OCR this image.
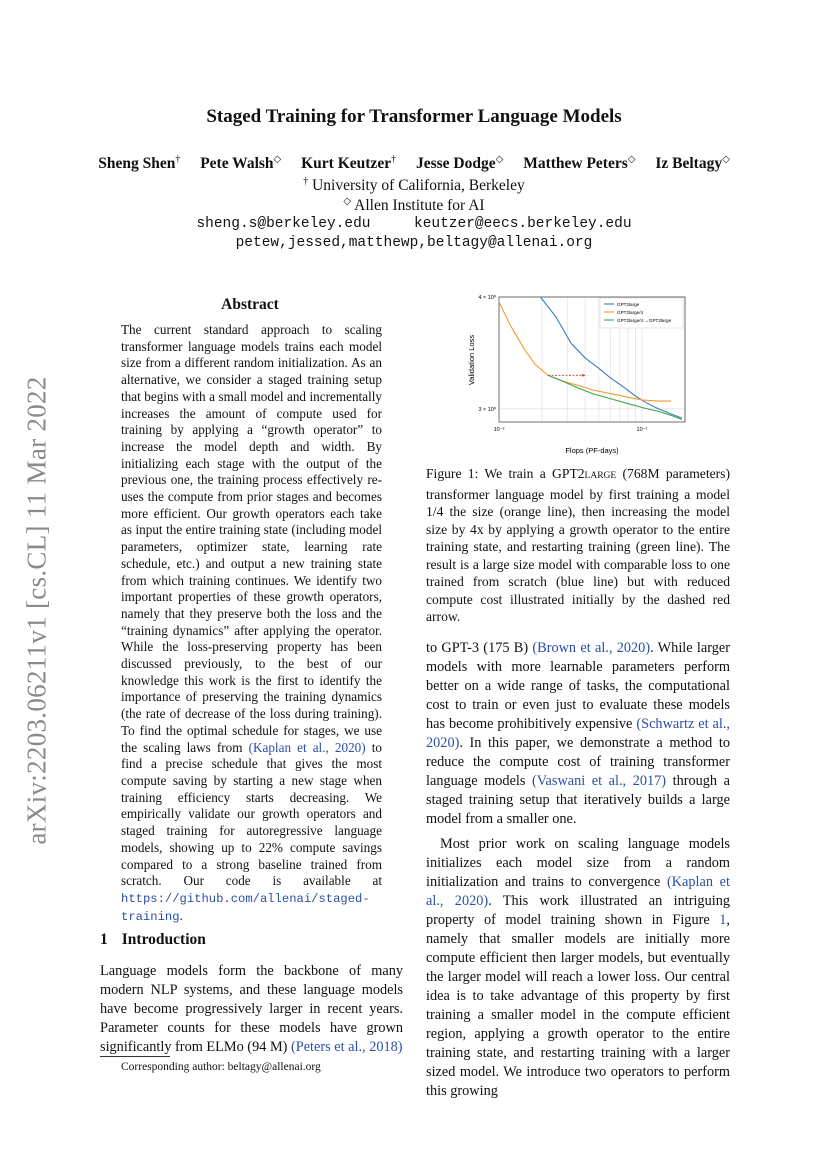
arXiv:2203.06211v1 [cs.CL] 11 Mar 2022
Staged Training for Transformer Language Models
Sheng Shen† Pete Walsh◇ Kurt Keutzer† Jesse Dodge◇ Matthew Peters◇ Iz Beltagy◇
† University of California, Berkeley
◇ Allen Institute for AI
sheng.s@berkeley.edu     keutzer@eecs.berkeley.edu
petew,jessed,matthewp,beltagy@allenai.org
Abstract
The current standard approach to scaling transformer language models trains each model size from a different random initialization. As an alternative, we consider a staged training setup that begins with a small model and incrementally increases the amount of compute used for training by applying a “growth operator” to increase the model depth and width. By initializing each stage with the output of the previous one, the training process effectively re-uses the compute from prior stages and becomes more efficient. Our growth operators each take as input the entire training state (including model parameters, optimizer state, learning rate schedule, etc.) and output a new training state from which training continues. We identify two important properties of these growth operators, namely that they preserve both the loss and the “training dynamics” after applying the operator. While the loss-preserving property has been discussed previously, to the best of our knowledge this work is the first to identify the importance of preserving the training dynamics (the rate of decrease of the loss during training). To find the optimal schedule for stages, we use the scaling laws from (Kaplan et al., 2020) to find a precise schedule that gives the most compute saving by starting a new stage when training efficiency starts decreasing. We empirically validate our growth operators and staged training for autoregressive language models, showing up to 22% compute savings compared to a strong baseline trained from scratch. Our code is available at https://github.com/allenai/staged-training.
1 Introduction
Language models form the backbone of many modern NLP systems, and these language models have become progressively larger in recent years. Parameter counts for these models have grown significantly from ELMo (94 M) (Peters et al., 2018)
Corresponding author: beltagy@allenai.org
10⁻²	10⁻¹
4 × 10⁰
3 × 10⁰
Validation Loss
Flops (PF-days)
GPT2large
GPT2large/4
GPT2large/4 →GPT2large
Figure 1: We train a GPT2LARGE (768M parameters) transformer language model by first training a model 1/4 the size (orange line), then increasing the model size by 4x by applying a growth operator to the entire training state, and restarting training (green line). The result is a large size model with comparable loss to one trained from scratch (blue line) but with reduced compute cost illustrated initially by the dashed red arrow.

to GPT-3 (175 B) (Brown et al., 2020). While larger models with more learnable parameters perform better on a wide range of tasks, the computational cost to train or even just to evaluate these models has become prohibitively expensive (Schwartz et al., 2020). In this paper, we demonstrate a method to reduce the compute cost of training transformer language models (Vaswani et al., 2017) through a staged training setup that iteratively builds a large model from a smaller one.

Most prior work on scaling language models initializes each model size from a random initialization and trains to convergence (Kaplan et al., 2020). This work illustrated an intriguing property of model training shown in Figure 1, namely that smaller models are initially more compute efficient then larger models, but eventually the larger model will reach a lower loss. Our central idea is to take advantage of this property by first training a smaller model in the compute efficient region, applying a growth operator to the entire training state, and restarting training with a larger sized model. We introduce two operators to perform this growing
